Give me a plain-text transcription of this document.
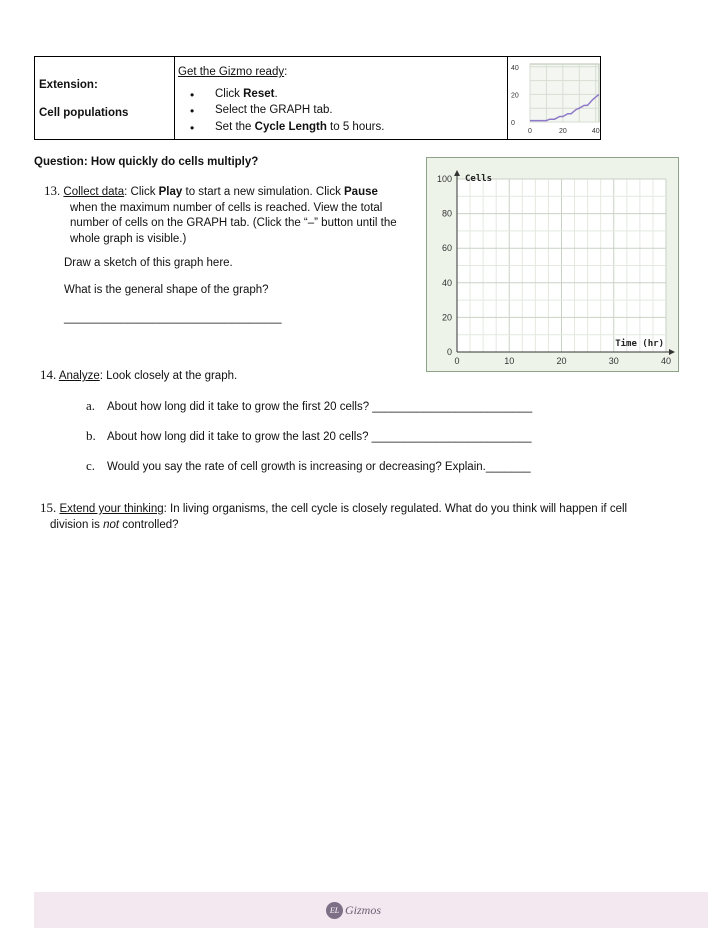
Extension:
Cell populations
Get the Gizmo ready:
• Click Reset.
• Select the GRAPH tab.
• Set the Cycle Length to 5 hours.
40
20
0
0	20	40
Question: How quickly do cells multiply?
13. Collect data: Click Play to start a new simulation. Click Pause
when the maximum number of cells is reached. View the total
number of cells on the GRAPH tab. (Click the “–” button until the
whole graph is visible.)
Draw a sketch of this graph here.
What is the general shape of the graph?
_________________________________
0
20
40
60
80
100
0	10	20	30	40
Cells
Time (hr)
14. Analyze: Look closely at the graph.
a. About how long did it take to grow the first 20 cells? _________________________
b. About how long did it take to grow the last 20 cells? _________________________
c. Would you say the rate of cell growth is increasing or decreasing? Explain._______
15. Extend your thinking: In living organisms, the cell cycle is closely regulated. What do you think will happen if cell
division is not controlled?
EL Gizmos
